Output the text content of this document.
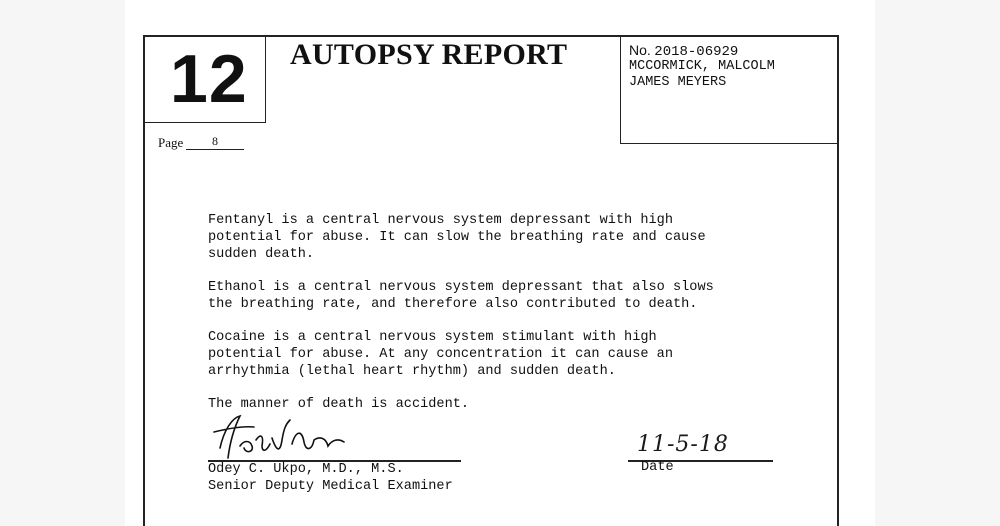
12
Page	8
AUTOPSY REPORT	No. 2018-06929
MCCORMICK, MALCOLM
JAMES MEYERS

Fentanyl is a central nervous system depressant with high
potential for abuse. It can slow the breathing rate and cause
sudden death.

Ethanol is a central nervous system depressant that also slows
the breathing rate, and therefore also contributed to death.

Cocaine is a central nervous system stimulant with high
potential for abuse. At any concentration it can cause an
arrhythmia (lethal heart rhythm) and sudden death.

The manner of death is accident.

11-5-18
Odey C. Ukpo, M.D., M.S.
Senior Deputy Medical Examiner
Date
